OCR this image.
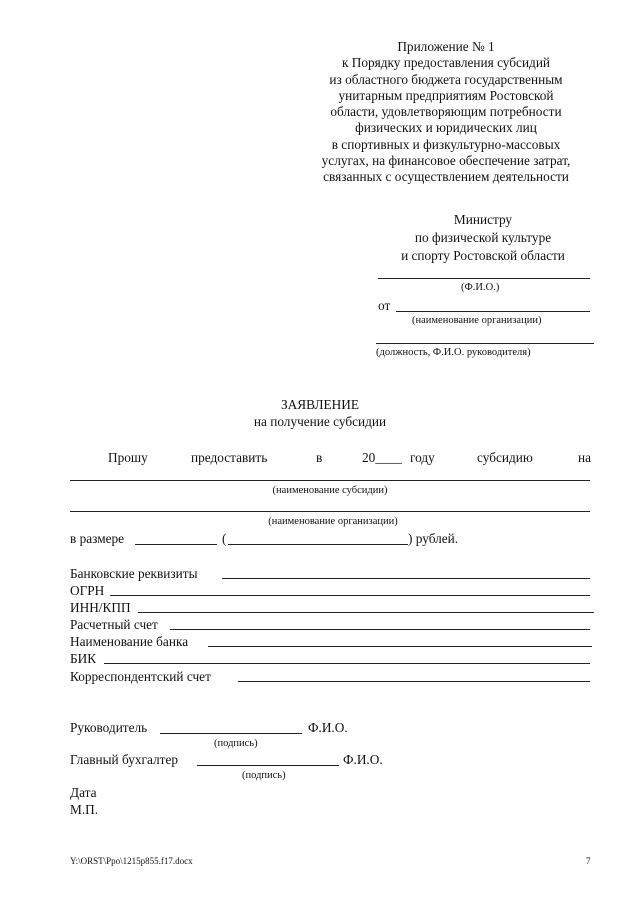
Приложение № 1
к Порядку предоставления субсидий
из областного бюджета государственным
унитарным предприятиям Ростовской
области, удовлетворяющим потребности
физических и юридических лиц
в спортивных и физкультурно-массовых
услугах, на финансовое обеспечение затрат,
связанных с осуществлением деятельности
Министру
по физической культуре
и спорту Ростовской области
(Ф.И.О.)
от
(наименование организации)
(должность, Ф.И.О. руководителя)
ЗАЯВЛЕНИЕ
на получение субсидии
Прошу	предоставить	в	20____ году	субсидию	на
(наименование субсидии)
(наименование организации)
в размере	(	) рублей.
Банковские реквизиты
ОГРН
ИНН/КПП
Расчетный счет
Наименование банка
БИК
Корреспондентский счет
Руководитель	Ф.И.О.
(подпись)
Главный бухгалтер	Ф.И.О.
(подпись)
Дата
М.П.
Y:\ORST\Ppo\1215p855.f17.docx	7
